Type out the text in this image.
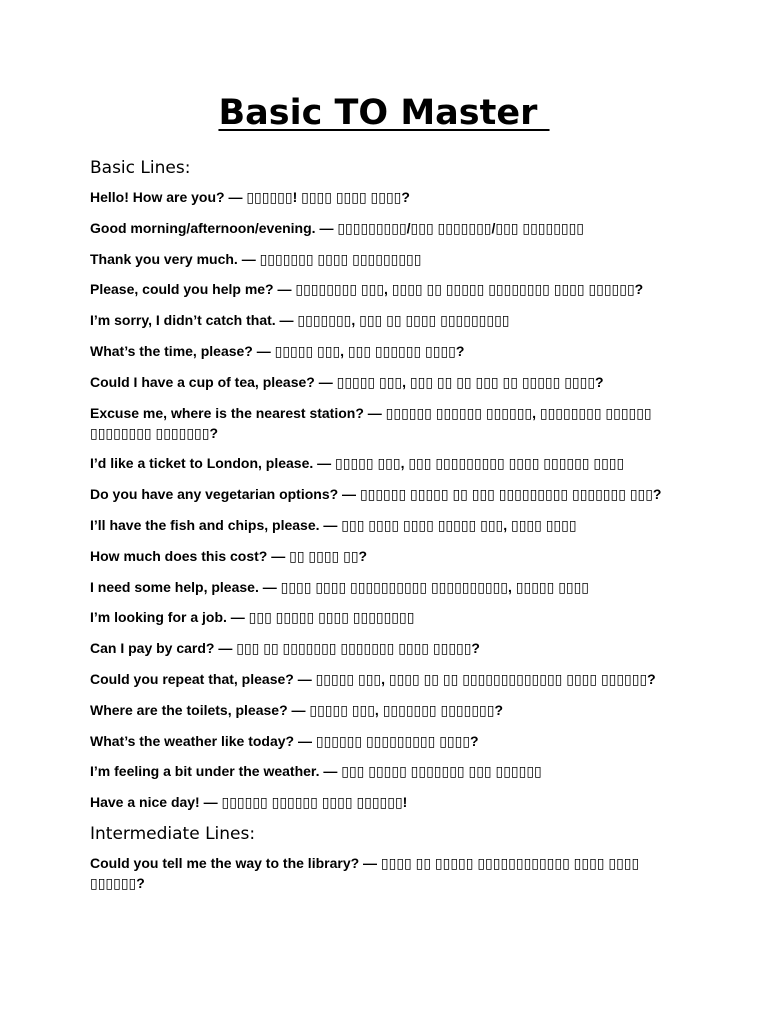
Basic TO Master
Basic Lines:
Hello! How are you? — ▯▯▯▯▯▯! ▯▯▯▯ ▯▯▯▯ ▯▯▯▯?
Good morning/afternoon/evening. — ▯▯▯▯▯▯▯▯▯/▯▯▯ ▯▯▯▯▯▯▯/▯▯▯ ▯▯▯▯▯▯▯▯
Thank you very much. — ▯▯▯▯▯▯▯ ▯▯▯▯ ▯▯▯▯▯▯▯▯▯
Please, could you help me? — ▯▯▯▯▯▯▯▯ ▯▯▯, ▯▯▯▯ ▯▯ ▯▯▯▯▯ ▯▯▯▯▯▯▯▯ ▯▯▯▯ ▯▯▯▯▯▯?
I’m sorry, I didn’t catch that. — ▯▯▯▯▯▯▯, ▯▯▯ ▯▯ ▯▯▯▯ ▯▯▯▯▯▯▯▯▯
What’s the time, please? — ▯▯▯▯▯ ▯▯▯, ▯▯▯ ▯▯▯▯▯▯ ▯▯▯▯?
Could I have a cup of tea, please? — ▯▯▯▯▯ ▯▯▯, ▯▯▯ ▯▯ ▯▯ ▯▯▯ ▯▯ ▯▯▯▯▯ ▯▯▯▯?
Excuse me, where is the nearest station? — ▯▯▯▯▯▯ ▯▯▯▯▯▯ ▯▯▯▯▯▯, ▯▯▯▯▯▯▯▯ ▯▯▯▯▯▯ ▯▯▯▯▯▯▯▯ ▯▯▯▯▯▯▯?
I’d like a ticket to London, please. — ▯▯▯▯▯ ▯▯▯, ▯▯▯ ▯▯▯▯▯▯▯▯▯ ▯▯▯▯ ▯▯▯▯▯▯ ▯▯▯▯
Do you have any vegetarian options? — ▯▯▯▯▯▯ ▯▯▯▯▯ ▯▯ ▯▯▯ ▯▯▯▯▯▯▯▯▯ ▯▯▯▯▯▯▯ ▯▯▯?
I’ll have the fish and chips, please. — ▯▯▯ ▯▯▯▯ ▯▯▯▯ ▯▯▯▯▯ ▯▯▯, ▯▯▯▯ ▯▯▯▯
How much does this cost? — ▯▯ ▯▯▯▯ ▯▯?
I need some help, please. — ▯▯▯▯ ▯▯▯▯ ▯▯▯▯▯▯▯▯▯▯ ▯▯▯▯▯▯▯▯▯▯, ▯▯▯▯▯ ▯▯▯▯
I’m looking for a job. — ▯▯▯ ▯▯▯▯▯ ▯▯▯▯ ▯▯▯▯▯▯▯▯
Can I pay by card? — ▯▯▯ ▯▯ ▯▯▯▯▯▯▯ ▯▯▯▯▯▯▯ ▯▯▯▯ ▯▯▯▯▯?
Could you repeat that, please? — ▯▯▯▯▯ ▯▯▯, ▯▯▯▯ ▯▯ ▯▯ ▯▯▯▯▯▯▯▯▯▯▯▯▯ ▯▯▯▯ ▯▯▯▯▯▯?
Where are the toilets, please? — ▯▯▯▯▯ ▯▯▯, ▯▯▯▯▯▯▯ ▯▯▯▯▯▯▯?
What’s the weather like today? — ▯▯▯▯▯▯ ▯▯▯▯▯▯▯▯▯ ▯▯▯▯?
I’m feeling a bit under the weather. — ▯▯▯ ▯▯▯▯▯ ▯▯▯▯▯▯▯ ▯▯▯ ▯▯▯▯▯▯
Have a nice day! — ▯▯▯▯▯▯ ▯▯▯▯▯▯ ▯▯▯▯ ▯▯▯▯▯▯!
Intermediate Lines:
Could you tell me the way to the library? — ▯▯▯▯ ▯▯ ▯▯▯▯▯ ▯▯▯▯▯▯▯▯▯▯▯▯ ▯▯▯▯ ▯▯▯▯ ▯▯▯▯▯▯?
